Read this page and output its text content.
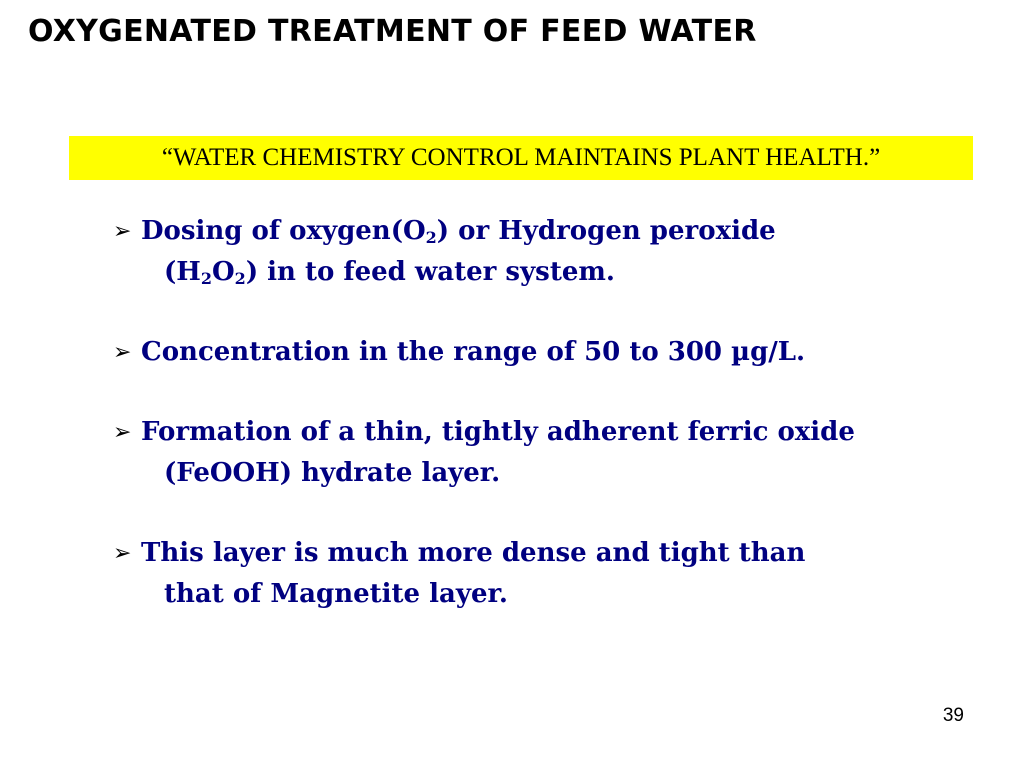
OXYGENATED TREATMENT OF FEED WATER
“WATER CHEMISTRY CONTROL MAINTAINS PLANT HEALTH.”
➢ Dosing of $oxygen(O_2)$ or Hydrogen peroxide
$(H_2O_2)$ in to feed water system.
➢ Concentration in the range of 50 to 300 µg/L.
➢ Formation of a thin, tightly adherent ferric oxide
(FeOOH) hydrate layer.
➢ This layer is much more dense and tight than
that of Magnetite layer.
39
